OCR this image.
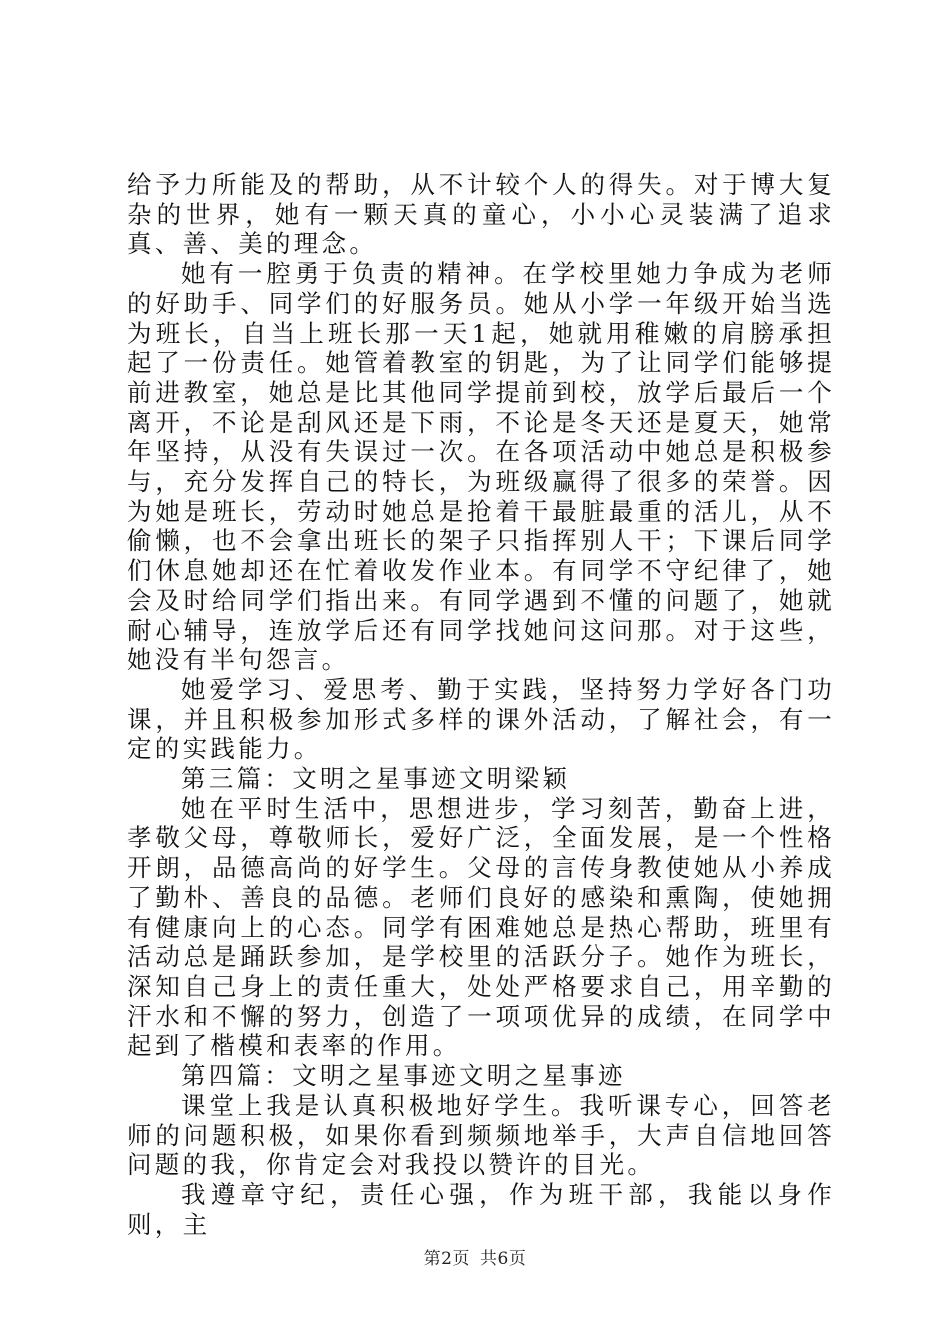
给予力所能及的帮助，从不计较个人的得失。对于博大复杂的世界，她有一颗天真的童心，小小心灵装满了追求真、善、美的理念。

她有一腔勇于负责的精神。在学校里她力争成为老师的好助手、同学们的好服务员。她从小学一年级开始当选为班长，自当上班长那一天1起，她就用稚嫩的肩膀承担起了一份责任。她管着教室的钥匙，为了让同学们能够提前进教室，她总是比其他同学提前到校，放学后最后一个离开，不论是刮风还是下雨，不论是冬天还是夏天，她常年坚持，从没有失误过一次。在各项活动中她总是积极参与，充分发挥自己的特长，为班级赢得了很多的荣誉。因为她是班长，劳动时她总是抢着干最脏最重的活儿，从不偷懒，也不会拿出班长的架子只指挥别人干；下课后同学们休息她却还在忙着收发作业本。有同学不守纪律了，她会及时给同学们指出来。有同学遇到不懂的问题了，她就耐心辅导，连放学后还有同学找她问这问那。对于这些，她没有半句怨言。

她爱学习、爱思考、勤于实践，坚持努力学好各门功课，并且积极参加形式多样的课外活动，了解社会，有一定的实践能力。

第三篇：文明之星事迹文明梁颖

她在平时生活中，思想进步，学习刻苦，勤奋上进，孝敬父母，尊敬师长，爱好广泛，全面发展，是一个性格开朗，品德高尚的好学生。父母的言传身教使她从小养成了勤朴、善良的品德。老师们良好的感染和熏陶，使她拥有健康向上的心态。同学有困难她总是热心帮助，班里有活动总是踊跃参加，是学校里的活跃分子。她作为班长，深知自己身上的责任重大，处处严格要求自己，用辛勤的汗水和不懈的努力，创造了一项项优异的成绩，在同学中起到了楷模和表率的作用。

第四篇：文明之星事迹文明之星事迹

课堂上我是认真积极地好学生。我听课专心，回答老师的问题积极，如果你看到频频地举手，大声自信地回答问题的我，你肯定会对我投以赞许的目光。

我遵章守纪，责任心强，作为班干部，我能以身作则，主

第2页 共6页
